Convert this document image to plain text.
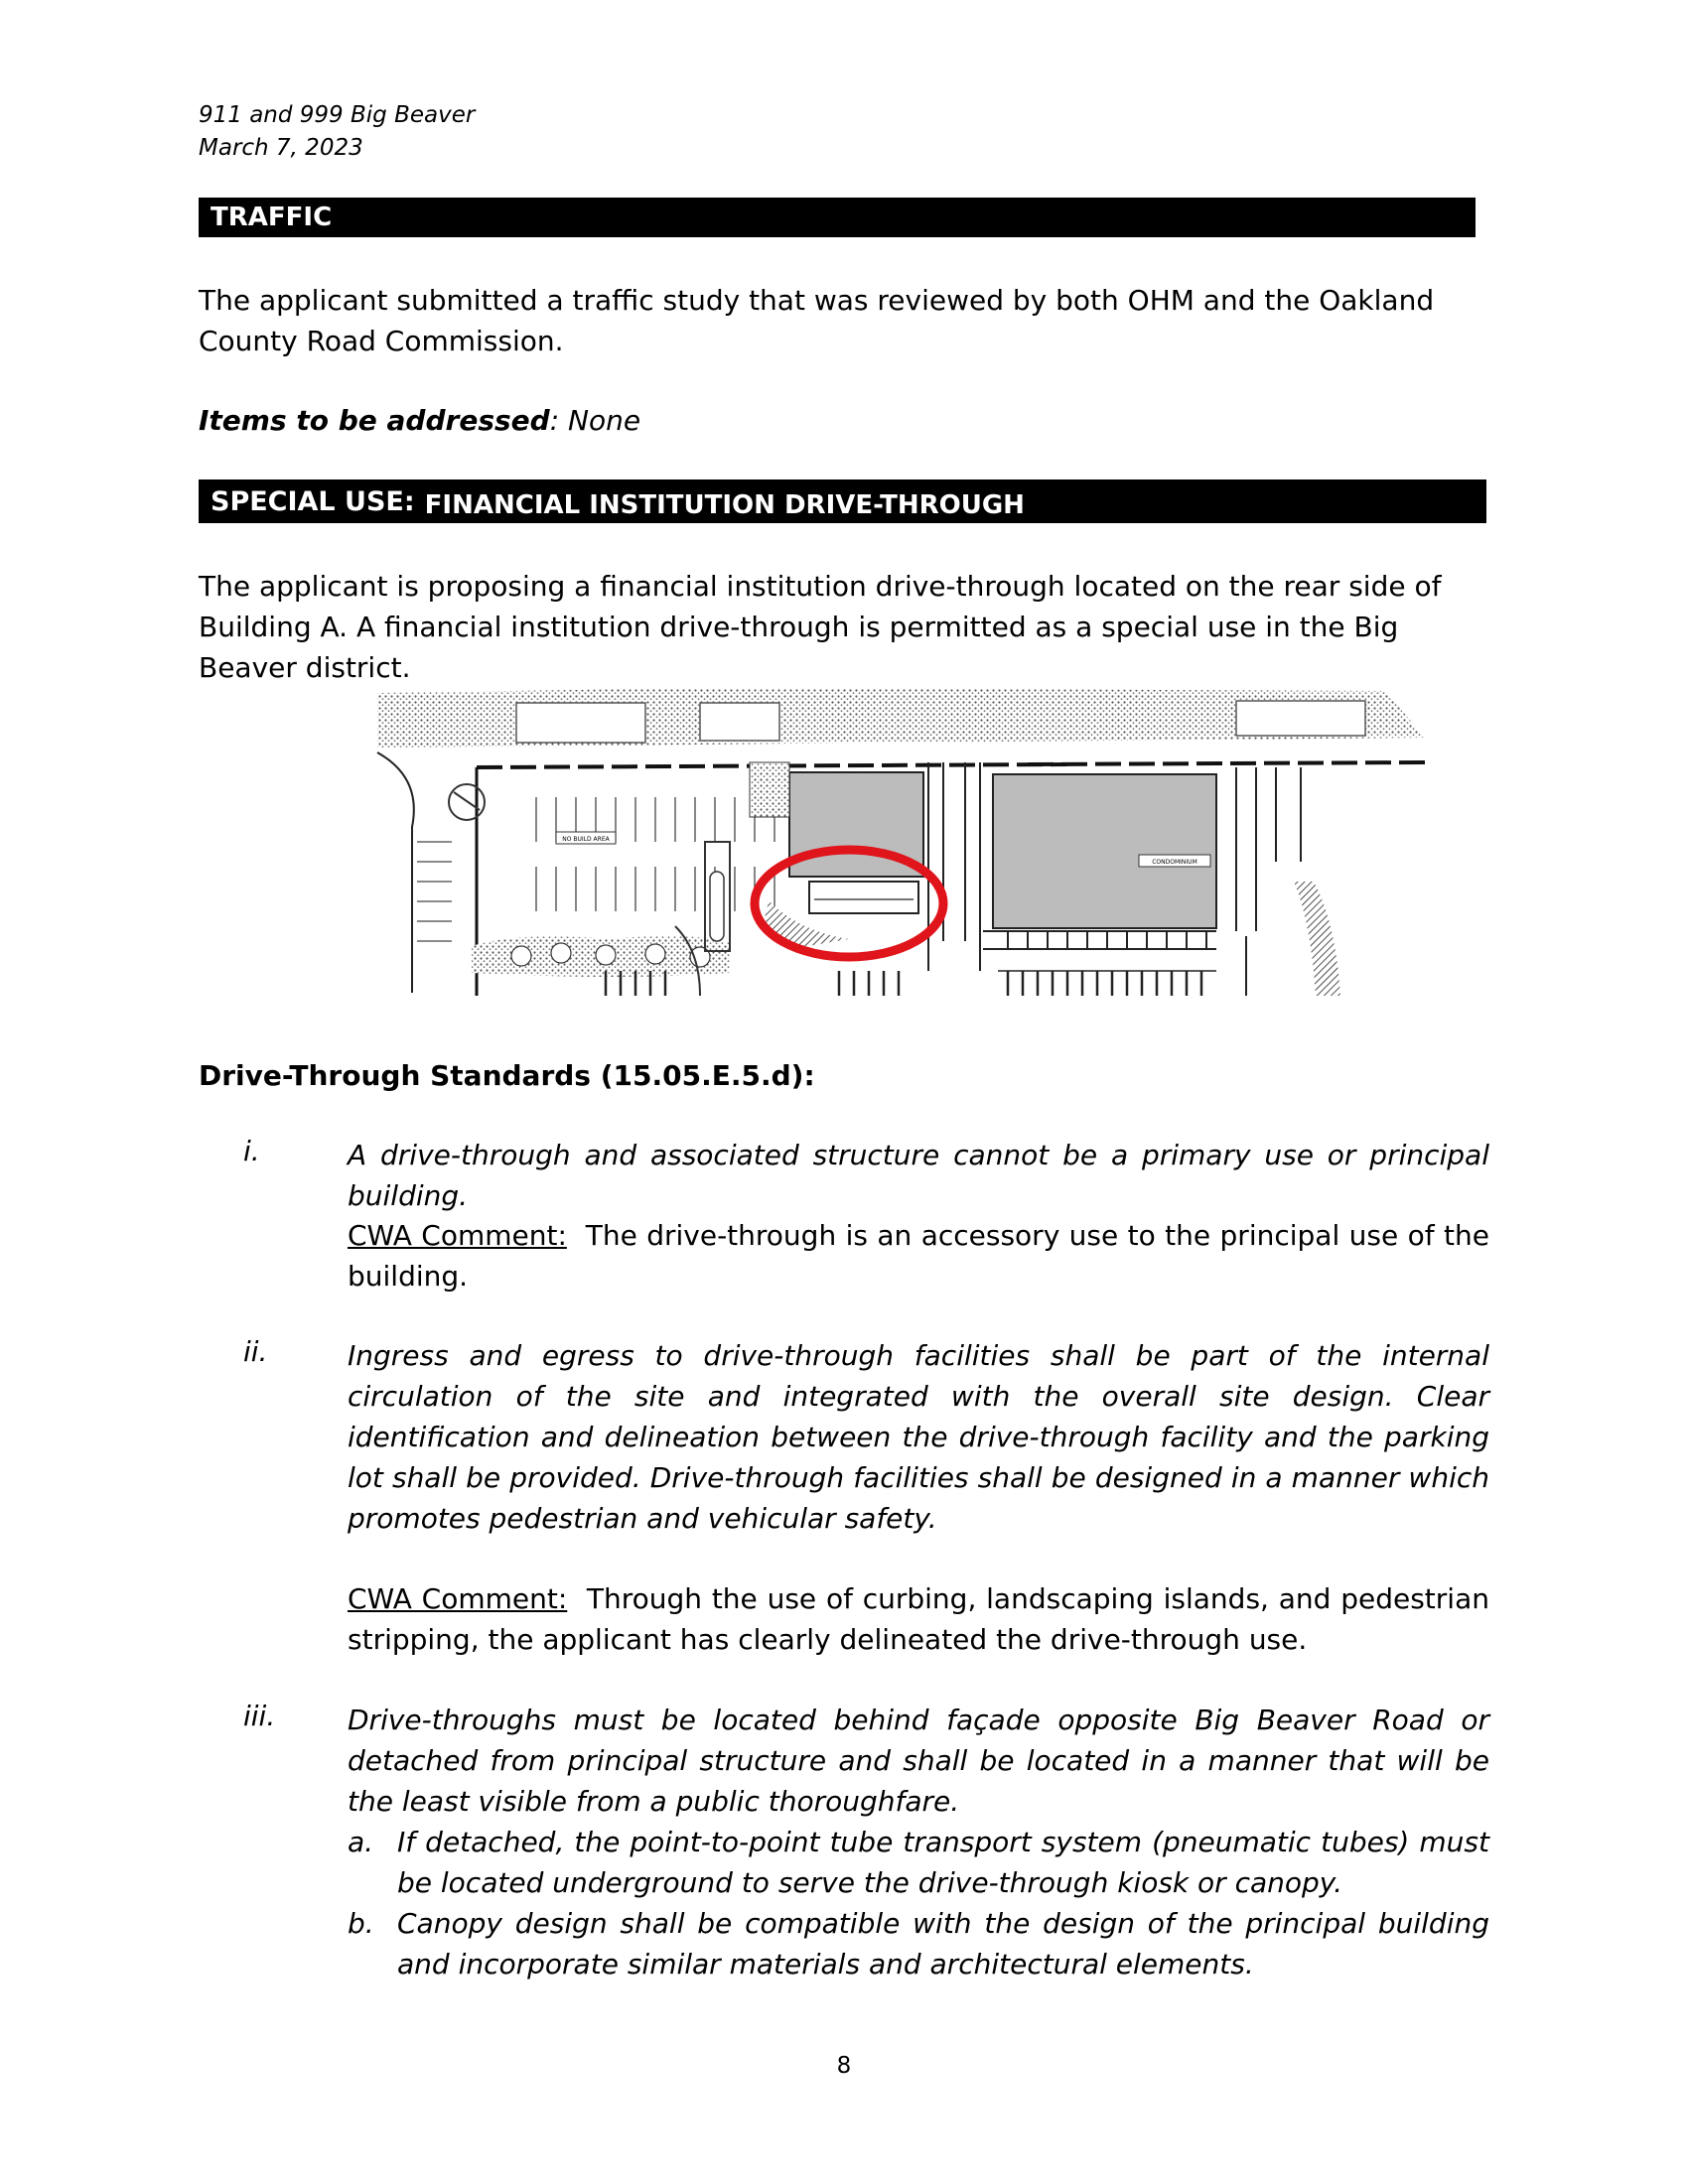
911 and 999 Big Beaver
March 7, 2023
TRAFFIC
The applicant submitted a traffic study that was reviewed by both OHM and the Oakland County Road Commission.
Items to be addressed: None
SPECIAL USE: FINANCIAL INSTITUTION DRIVE-THROUGH
The applicant is proposing a financial institution drive-through located on the rear side of Building A. A financial institution drive-through is permitted as a special use in the Big Beaver district.
NO BUILD AREA
CONDOMINIUM
Drive-Through Standards (15.05.E.5.d):
i.	A drive-through and associated structure cannot be a primary use or principal building.
CWA Comment: The drive-through is an accessory use to the principal use of the building.
ii.	Ingress and egress to drive-through facilities shall be part of the internal circulation of the site and integrated with the overall site design. Clear identification and delineation between the drive-through facility and the parking lot shall be provided. Drive-through facilities shall be designed in a manner which promotes pedestrian and vehicular safety.
CWA Comment: Through the use of curbing, landscaping islands, and pedestrian stripping, the applicant has clearly delineated the drive-through use.
iii.	Drive-throughs must be located behind façade opposite Big Beaver Road or detached from principal structure and shall be located in a manner that will be the least visible from a public thoroughfare.
a. If detached, the point-to-point tube transport system (pneumatic tubes) must be located underground to serve the drive-through kiosk or canopy.
b. Canopy design shall be compatible with the design of the principal building and incorporate similar materials and architectural elements.
8
